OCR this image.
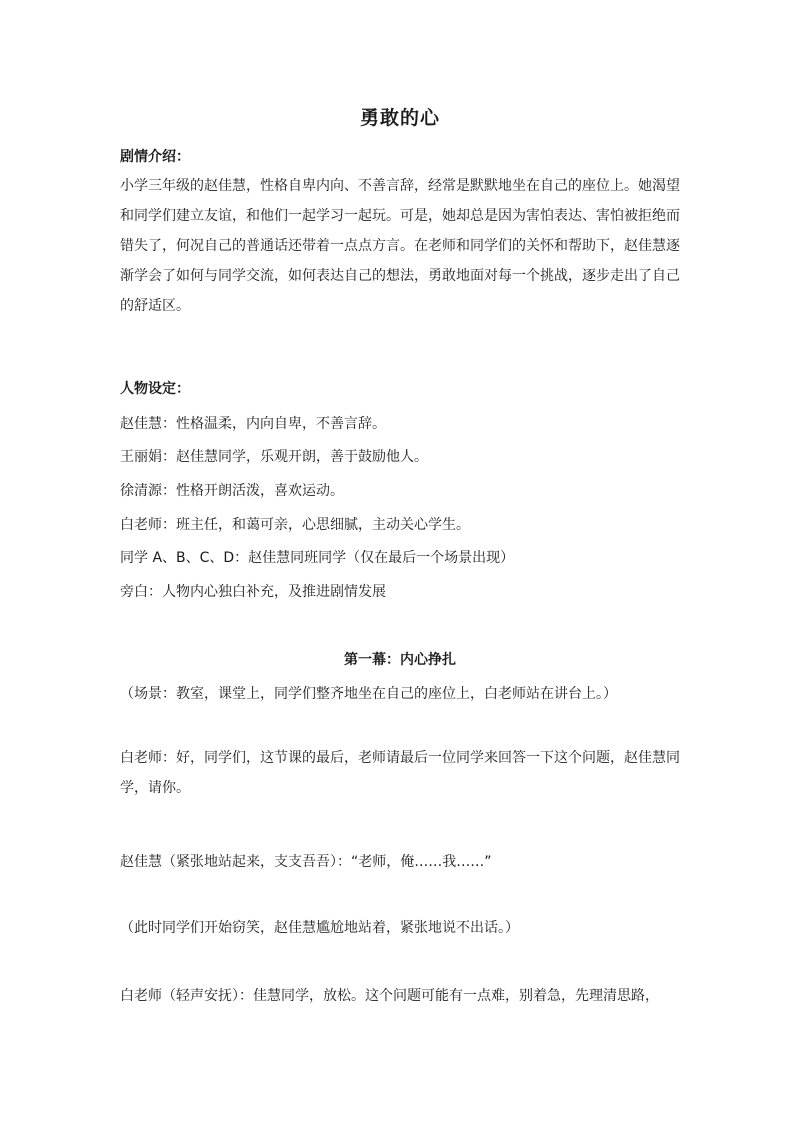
勇敢的心
剧情介绍：
小学三年级的赵佳慧，性格自卑内向、不善言辞，经常是默默地坐在自己的座位上。她渴望和同学们建立友谊，和他们一起学习一起玩。可是，她却总是因为害怕表达、害怕被拒绝而错失了，何况自己的普通话还带着一点点方言。在老师和同学们的关怀和帮助下，赵佳慧逐渐学会了如何与同学交流，如何表达自己的想法，勇敢地面对每一个挑战，逐步走出了自己的舒适区。
人物设定：
赵佳慧：性格温柔，内向自卑，不善言辞。
王丽娟：赵佳慧同学，乐观开朗，善于鼓励他人。
徐清源：性格开朗活泼，喜欢运动。
白老师：班主任，和蔼可亲，心思细腻，主动关心学生。
同学 A、B、C、D：赵佳慧同班同学（仅在最后一个场景出现）
旁白：人物内心独白补充，及推进剧情发展
第一幕：内心挣扎
（场景：教室，课堂上，同学们整齐地坐在自己的座位上，白老师站在讲台上。）
白老师：好，同学们，这节课的最后，老师请最后一位同学来回答一下这个问题，赵佳慧同学，请你。
赵佳慧（紧张地站起来，支支吾吾）：“老师，俺……我……”
（此时同学们开始窃笑，赵佳慧尴尬地站着，紧张地说不出话。）
白老师（轻声安抚）：佳慧同学，放松。这个问题可能有一点难，别着急，先理清思路，
